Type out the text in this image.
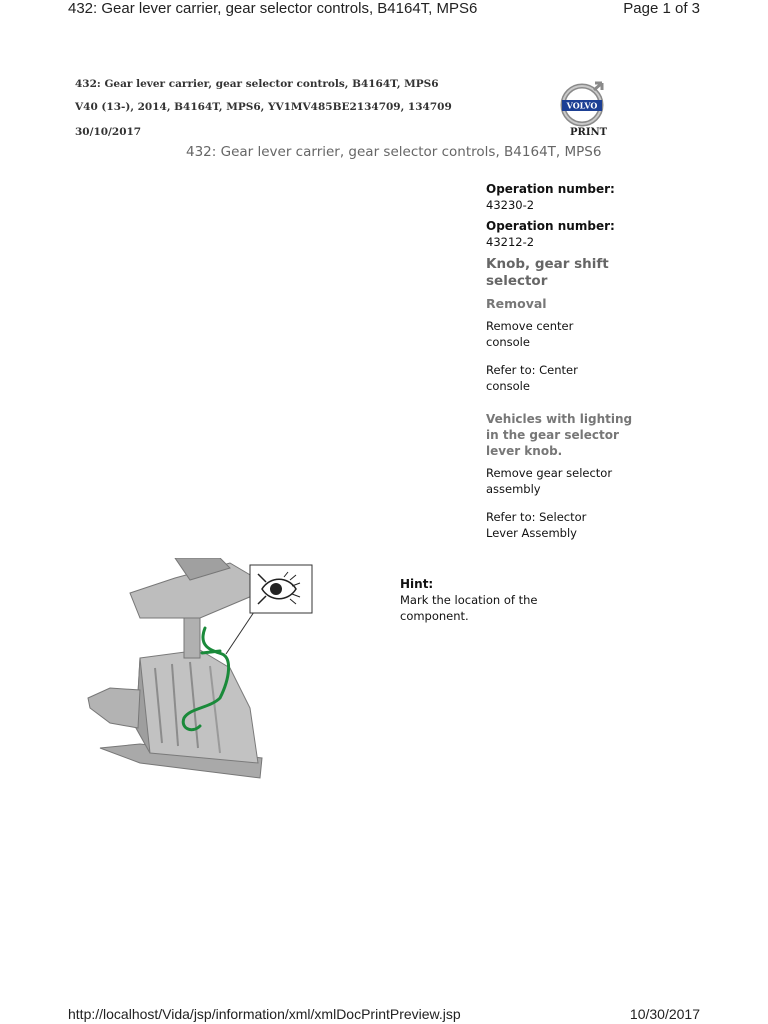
432: Gear lever carrier, gear selector controls, B4164T, MPS6	Page 1 of 3
432: Gear lever carrier, gear selector controls, B4164T, MPS6
V40 (13-), 2014, B4164T, MPS6, YV1MV485BE2134709, 134709
30/10/2017
VOLVO
PRINT
432: Gear lever carrier, gear selector controls, B4164T, MPS6
Operation number:
43230-2
Operation number:
43212-2
Knob, gear shift selector
Removal
Remove center console
Refer to: Center console
Vehicles with lighting in the gear selector lever knob.
Remove gear selector assembly
Refer to: Selector Lever Assembly
Hint:
Mark the location of the component.
http://localhost/Vida/jsp/information/xml/xmlDocPrintPreview.jsp	10/30/2017
